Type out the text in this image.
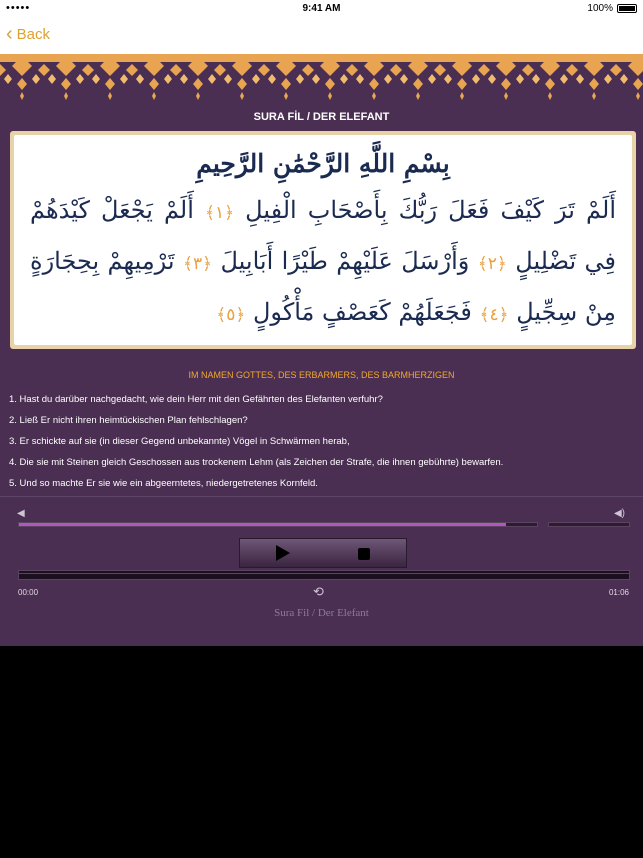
•••••	9:41 AM	100%
‹ Back
SURA FİL / DER ELEFANT
بِسْمِ اللَّهِ الرَّحْمَٰنِ الرَّحِيمِ
أَلَمْ تَرَ كَيْفَ فَعَلَ رَبُّكَ بِأَصْحَابِ الْفِيلِ ﴿١﴾ أَلَمْ يَجْعَلْ كَيْدَهُمْ فِي تَضْلِيلٍ ﴿٢﴾ وَأَرْسَلَ عَلَيْهِمْ طَيْرًا أَبَابِيلَ ﴿٣﴾ تَرْمِيهِمْ بِحِجَارَةٍ مِنْ سِجِّيلٍ ﴿٤﴾ فَجَعَلَهُمْ كَعَصْفٍ مَأْكُولٍ ﴿٥﴾
IM NAMEN GOTTES, DES ERBARMERS, DES BARMHERZIGEN
1. Hast du darüber nachgedacht, wie dein Herr mit den Gefährten des Elefanten verfuhr?
2. Ließ Er nicht ihren heimtückischen Plan fehlschlagen?
3. Er schickte auf sie (in dieser Gegend unbekannte) Vögel in Schwärmen herab,
4. Die sie mit Steinen gleich Geschossen aus trockenem Lehm (als Zeichen der Strafe, die ihnen gebührte) bewarfen.
5. Und so machte Er sie wie ein abgeerntetes, niedergetretenes Kornfeld.
◀	◀)
00:00	⟲	01:06
Sura Fil / Der Elefant
